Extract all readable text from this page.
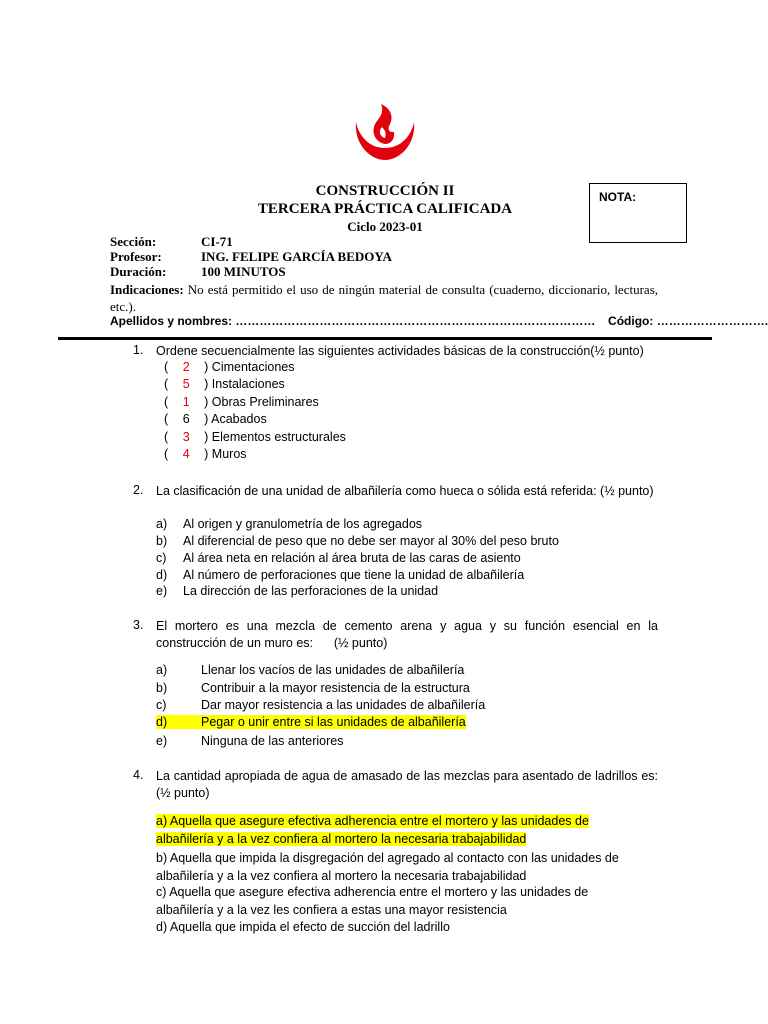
CONSTRUCCIÓN II
TERCERA PRÁCTICA CALIFICADA
Ciclo 2023-01
NOTA:
Sección:	CI-71
Profesor:	ING. FELIPE GARCÍA BEDOYA
Duración:	100 MINUTOS
Indicaciones: No está permitido el uso de ningún material de consulta (cuaderno, diccionario, lecturas, etc.).
Apellidos y nombres: ……………………………………………………………………………… Código: ……………………….
1. Ordene secuencialmente las siguientes actividades básicas de la construcción(½ punto)
( 2 ) Cimentaciones
( 5 ) Instalaciones
( 1 ) Obras Preliminares
( 6 ) Acabados
( 3 ) Elementos estructurales
( 4 ) Muros
2. La clasificación de una unidad de albañilería como hueca o sólida está referida: (½ punto)
a) Al origen y granulometría de los agregados
b) Al diferencial de peso que no debe ser mayor al 30% del peso bruto
c) Al área neta en relación al área bruta de las caras de asiento
d) Al número de perforaciones que tiene la unidad de albañilería
e) La dirección de las perforaciones de la unidad
3. El mortero es una mezcla de cemento arena y agua y su función esencial en la construcción de un muro es:      (½ punto)
a)	Llenar los vacíos de las unidades de albañilería
b)	Contribuir a la mayor resistencia de la estructura
c)	Dar mayor resistencia a las unidades de albañilería
d)	Pegar o unir entre si las unidades de albañilería
e)	Ninguna de las anteriores
4. La cantidad apropiada de agua de amasado de las mezclas para asentado de ladrillos es:       (½ punto)
a) Aquella que asegure efectiva adherencia entre el mortero y las unidades de
albañilería y a la vez confiera al mortero la necesaria trabajabilidad
b) Aquella que impida la disgregación del agregado al contacto con las unidades de albañilería y a la vez confiera al mortero la necesaria trabajabilidad
c) Aquella que asegure efectiva adherencia entre el mortero y las unidades de albañilería y a la vez les confiera a estas una mayor resistencia
d) Aquella que impida el efecto de succión del ladrillo
